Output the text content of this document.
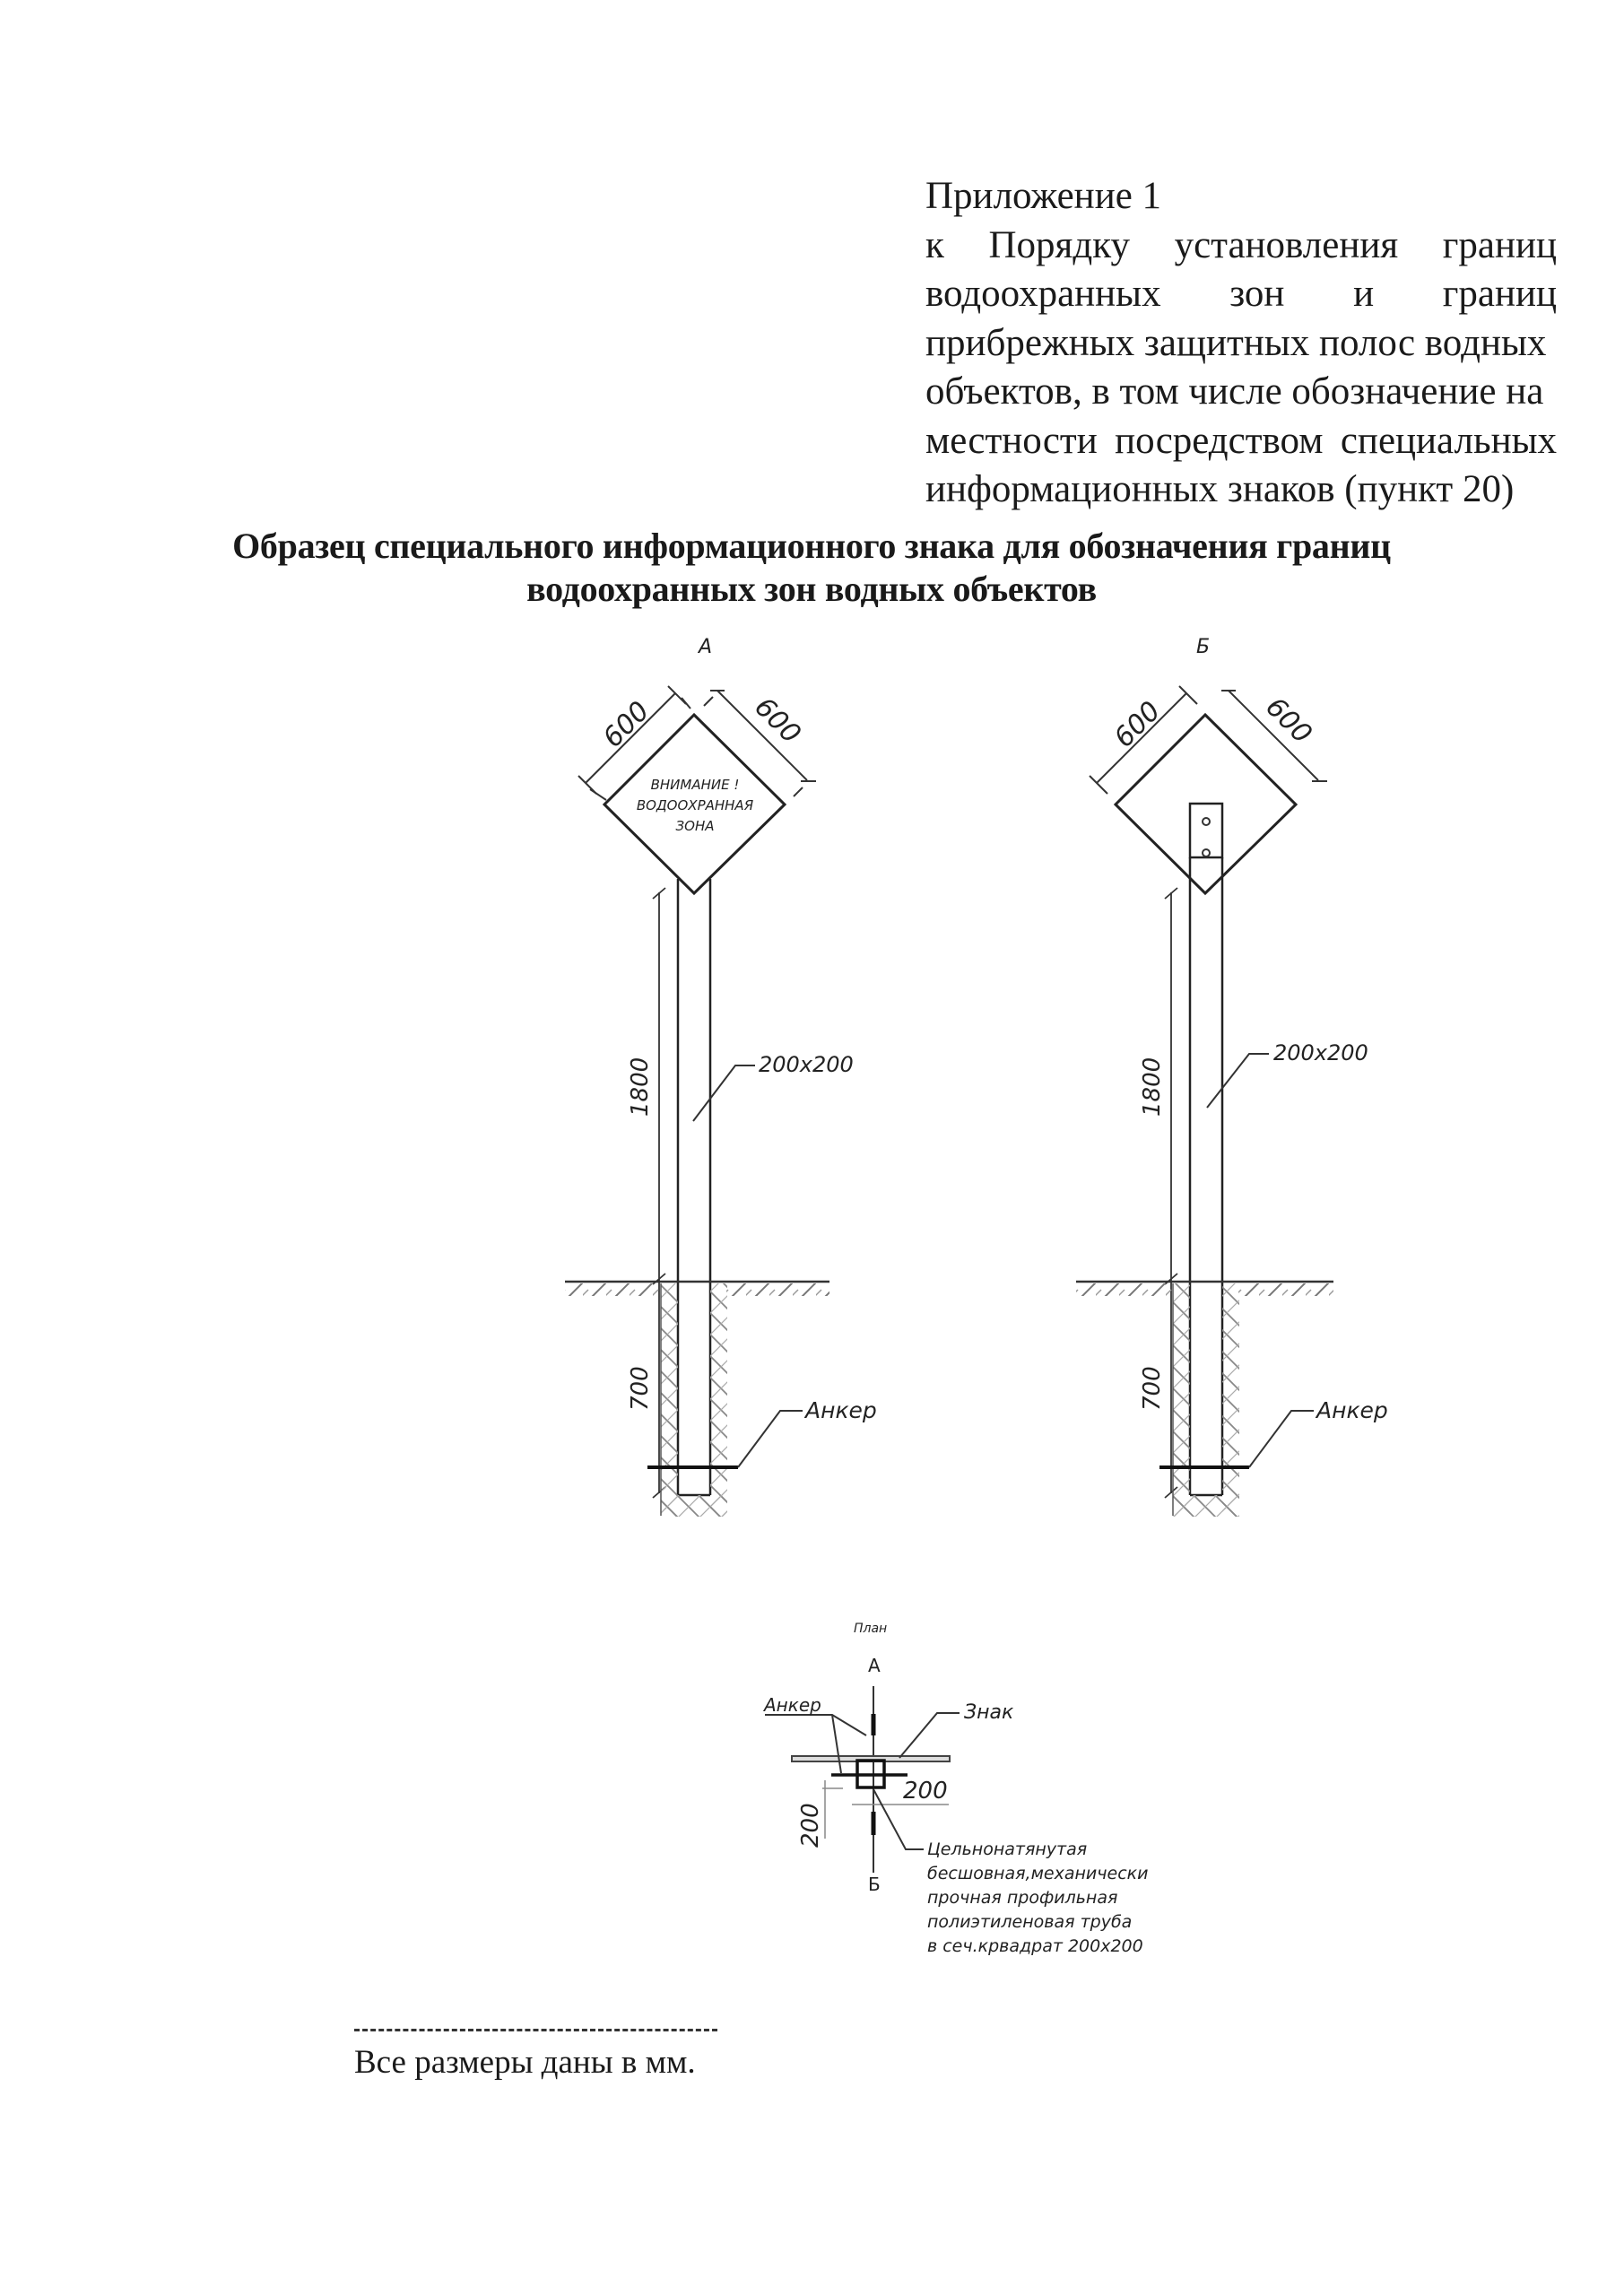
Приложение 1
к Порядку установления границ
водоохранных зон и границ
прибрежных защитных полос водных
объектов, в том числе обозначение на
местности посредством специальных
информационных знаков (пункт 20)
Образец специального информационного знака для обозначения границ
водоохранных зон водных объектов
А
ВНИМАНИЕ !
ВОДООХРАННАЯ
ЗОНА
600	600
1800
700
200x200
Анкер
Б
600	600
1800
700
200x200
Анкер
План
А
Б
Анкер	Знак
200
200
Цельнонатянутая
бесшовная,механически
прочная профильная
полиэтиленовая труба
в сеч.крвадрат 200x200
Все размеры даны в мм.
